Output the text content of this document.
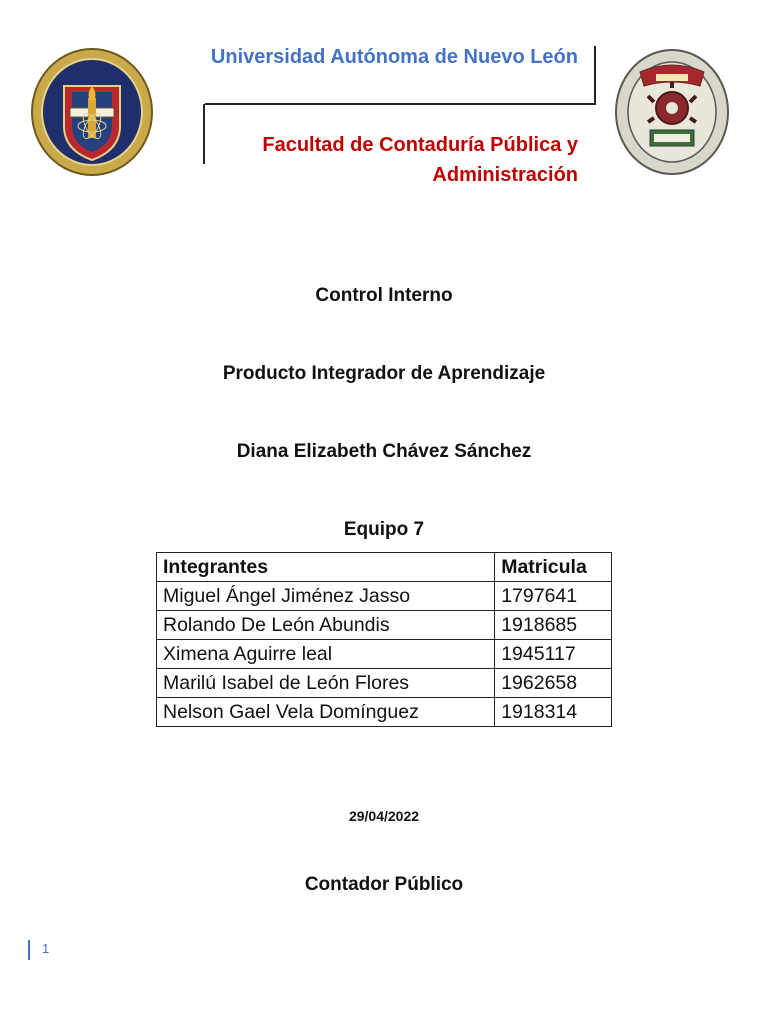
Universidad Autónoma de Nuevo León
Facultad de Contaduría Pública y
Administración
Control Interno
Producto Integrador de Aprendizaje
Diana Elizabeth Chávez Sánchez
Equipo 7
Integrantes	Matricula
Miguel Ángel Jiménez Jasso	1797641
Rolando De León Abundis	1918685
Ximena Aguirre leal	1945117
Marilú Isabel de León Flores	1962658
Nelson Gael Vela Domínguez	1918314
29/04/2022
Contador Público
1
